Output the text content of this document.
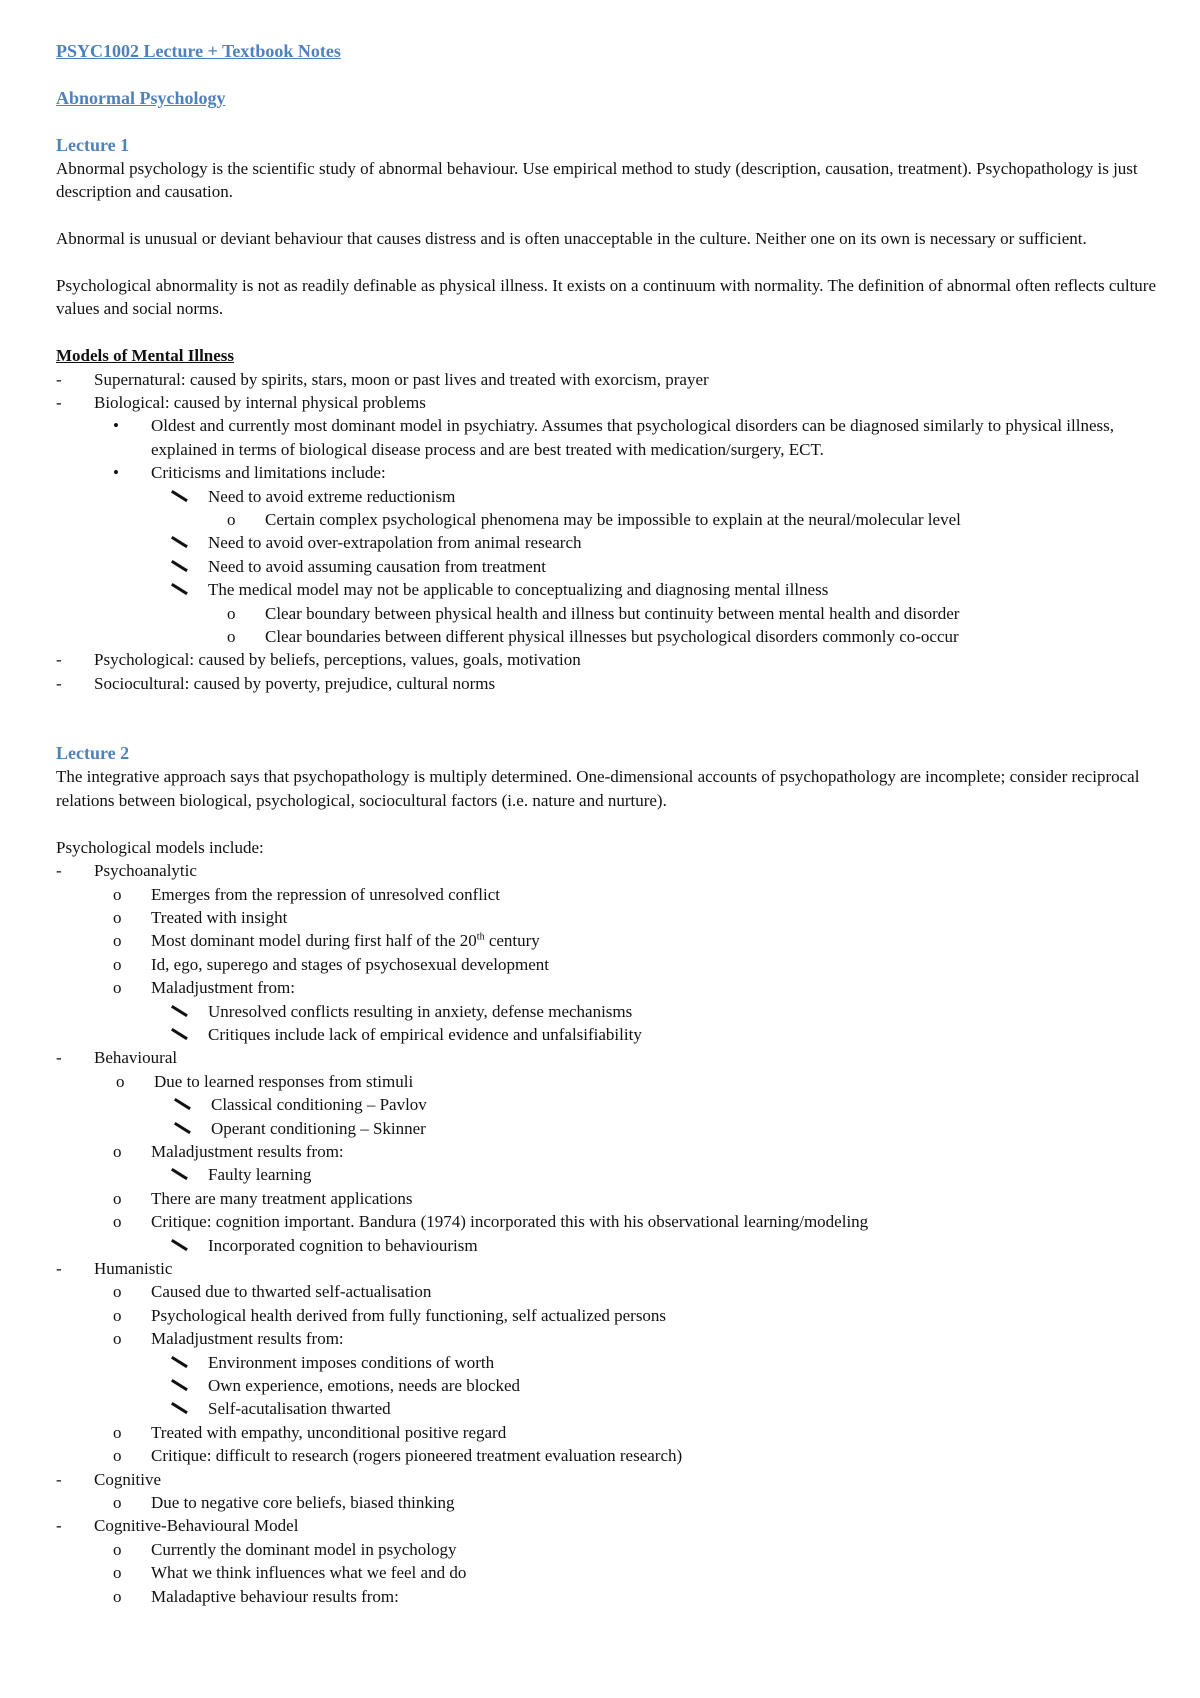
PSYC1002 Lecture + Textbook Notes
Abnormal Psychology
Lecture 1
Abnormal psychology is the scientific study of abnormal behaviour. Use empirical method to study (description, causation, treatment). Psychopathology is just description and causation.
Abnormal is unusual or deviant behaviour that causes distress and is often unacceptable in the culture. Neither one on its own is necessary or sufficient.
Psychological abnormality is not as readily definable as physical illness. It exists on a continuum with normality. The definition of abnormal often reflects culture values and social norms.
Models of Mental Illness
- Supernatural: caused by spirits, stars, moon or past lives and treated with exorcism, prayer
- Biological: caused by internal physical problems
• Oldest and currently most dominant model in psychiatry. Assumes that psychological disorders can be diagnosed similarly to physical illness, explained in terms of biological disease process and are best treated with medication/surgery, ECT.
• Criticisms and limitations include:
Need to avoid extreme reductionism
o Certain complex psychological phenomena may be impossible to explain at the neural/molecular level
Need to avoid over-extrapolation from animal research
Need to avoid assuming causation from treatment
The medical model may not be applicable to conceptualizing and diagnosing mental illness
o Clear boundary between physical health and illness but continuity between mental health and disorder
o Clear boundaries between different physical illnesses but psychological disorders commonly co-occur
- Psychological: caused by beliefs, perceptions, values, goals, motivation
- Sociocultural: caused by poverty, prejudice, cultural norms
Lecture 2
The integrative approach says that psychopathology is multiply determined. One-dimensional accounts of psychopathology are incomplete; consider reciprocal relations between biological, psychological, sociocultural factors (i.e. nature and nurture).
Psychological models include:
- Psychoanalytic
o Emerges from the repression of unresolved conflict
o Treated with insight
o Most dominant model during first half of the 20th century
o Id, ego, superego and stages of psychosexual development
o Maladjustment from:
Unresolved conflicts resulting in anxiety, defense mechanisms
Critiques include lack of empirical evidence and unfalsifiability
- Behavioural
o Due to learned responses from stimuli
Classical conditioning – Pavlov
Operant conditioning – Skinner
o Maladjustment results from:
Faulty learning
o There are many treatment applications
o Critique: cognition important. Bandura (1974) incorporated this with his observational learning/modeling
Incorporated cognition to behaviourism
- Humanistic
o Caused due to thwarted self-actualisation
o Psychological health derived from fully functioning, self actualized persons
o Maladjustment results from:
Environment imposes conditions of worth
Own experience, emotions, needs are blocked
Self-acutalisation thwarted
o Treated with empathy, unconditional positive regard
o Critique: difficult to research (rogers pioneered treatment evaluation research)
- Cognitive
o Due to negative core beliefs, biased thinking
- Cognitive-Behavioural Model
o Currently the dominant model in psychology
o What we think influences what we feel and do
o Maladaptive behaviour results from:
